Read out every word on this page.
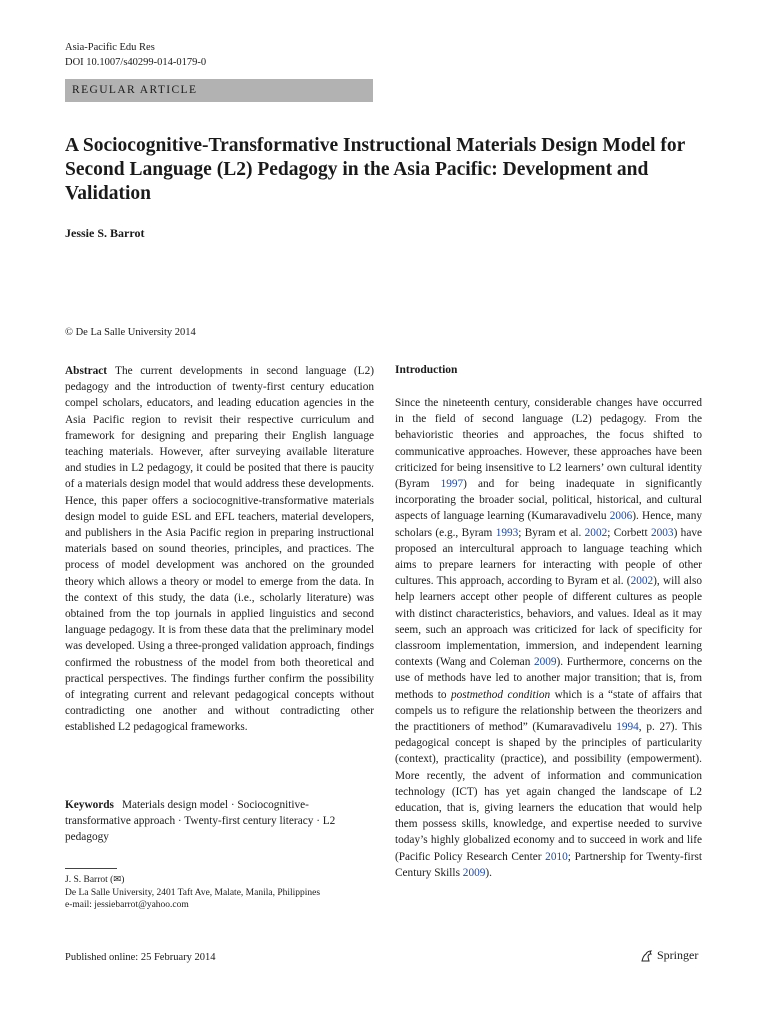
Asia-Pacific Edu Res
DOI 10.1007/s40299-014-0179-0
REGULAR ARTICLE
A Sociocognitive-Transformative Instructional Materials Design Model for Second Language (L2) Pedagogy in the Asia Pacific: Development and Validation
Jessie S. Barrot
© De La Salle University 2014
Abstract The current developments in second language (L2) pedagogy and the introduction of twenty-first century education compel scholars, educators, and leading education agencies in the Asia Pacific region to revisit their respective curriculum and framework for designing and preparing their English language teaching materials. However, after surveying available literature and studies in L2 pedagogy, it could be posited that there is paucity of a materials design model that would address these developments. Hence, this paper offers a sociocognitive-transformative materials design model to guide ESL and EFL teachers, material developers, and publishers in the Asia Pacific region in preparing instructional materials based on sound theories, principles, and practices. The process of model development was anchored on the grounded theory which allows a theory or model to emerge from the data. In the context of this study, the data (i.e., scholarly literature) was obtained from the top journals in applied linguistics and second language pedagogy. It is from these data that the preliminary model was developed. Using a three-pronged validation approach, findings confirmed the robustness of the model from both theoretical and practical perspectives. The findings further confirm the possibility of integrating current and relevant pedagogical concepts without contradicting one another and without contradicting other established L2 pedagogical frameworks.
Keywords Materials design model · Sociocognitive-transformative approach · Twenty-first century literacy · L2 pedagogy
J. S. Barrot (✉)
De La Salle University, 2401 Taft Ave, Malate, Manila, Philippines
e-mail: jessiebarrot@yahoo.com
Introduction
Since the nineteenth century, considerable changes have occurred in the field of second language (L2) pedagogy. From the behavioristic theories and approaches, the focus shifted to communicative approaches. However, these approaches have been criticized for being insensitive to L2 learners’ own cultural identity (Byram 1997) and for being inadequate in significantly incorporating the broader social, political, historical, and cultural aspects of language learning (Kumaravadivelu 2006). Hence, many scholars (e.g., Byram 1993; Byram et al. 2002; Corbett 2003) have proposed an intercultural approach to language teaching which aims to prepare learners for interacting with people of other cultures. This approach, according to Byram et al. (2002), will also help learners accept other people of different cultures as people with distinct characteristics, behaviors, and values. Ideal as it may seem, such an approach was criticized for lack of specificity for classroom implementation, immersion, and independent learning contexts (Wang and Coleman 2009). Furthermore, concerns on the use of methods have led to another major transition; that is, from methods to postmethod condition which is a “state of affairs that compels us to refigure the relationship between the theorizers and the practitioners of method” (Kumaravadivelu 1994, p. 27). This pedagogical concept is shaped by the principles of particularity (context), practicality (practice), and possibility (empowerment). More recently, the advent of information and communication technology (ICT) has yet again changed the landscape of L2 education, that is, giving learners the education that would help them possess skills, knowledge, and expertise needed to survive today’s highly globalized economy and to succeed in work and life (Pacific Policy Research Center 2010; Partnership for Twenty-first Century Skills 2009).
Published online: 25 February 2014	Springer
